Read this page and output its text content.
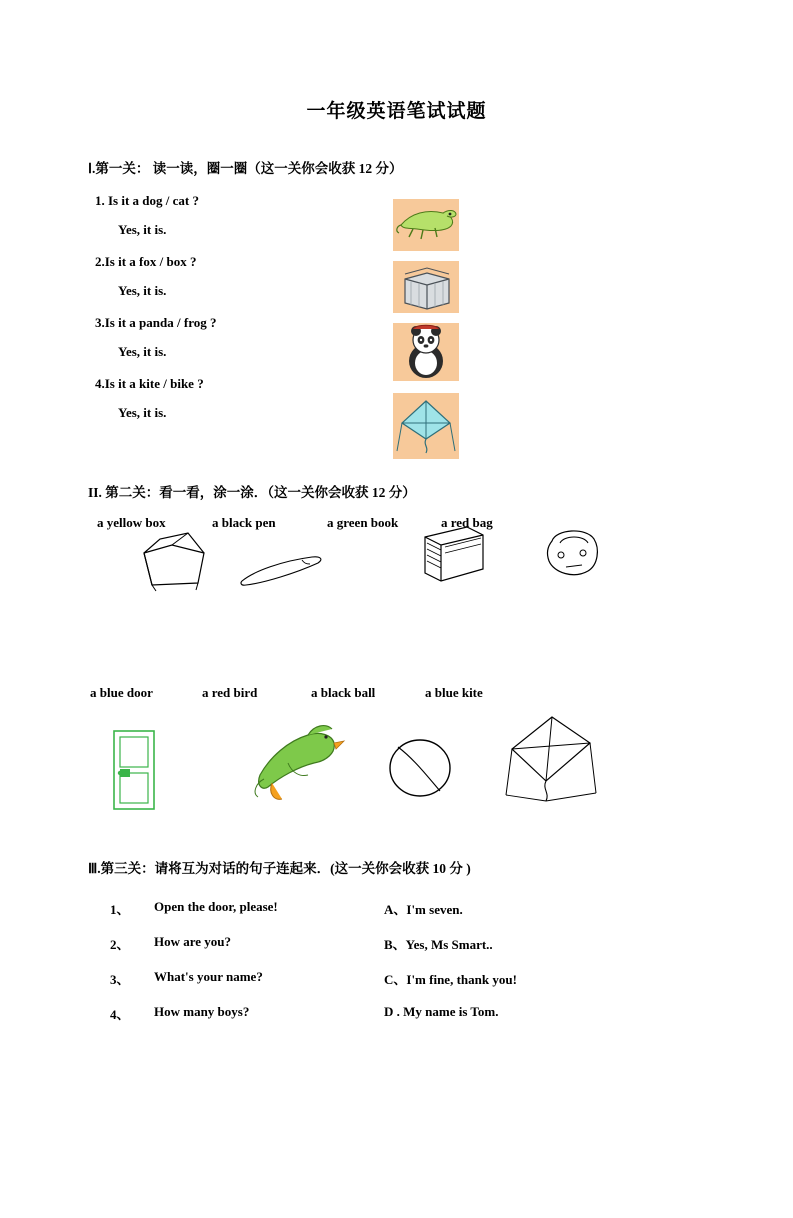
一年级英语笔试试题
Ⅰ.第一关： 读一读，圈一圈（这一关你会收获 12 分）
1. Is it a dog / cat ?
Yes, it is.
2.Is it a fox / box ?
Yes, it is.
3.Is it a panda / frog ?
Yes, it is.
4.Is it a kite / bike ?
Yes, it is.
II. 第二关：看一看，涂一涂．（这一关你会收获 12 分）
a yellow box	a black pen	a green book	a red bag
a blue door	a red bird	a black ball	a blue kite
Ⅲ.第三关：请将互为对话的句子连起来．(这一关你会收获 10 分 )
1、	Open the door, please!	A、I'm seven.
2、	How are you?	B、Yes, Ms Smart..
3、	What's your name?	C、I'm fine, thank you!
4、	How many boys?	D . My name is Tom.
